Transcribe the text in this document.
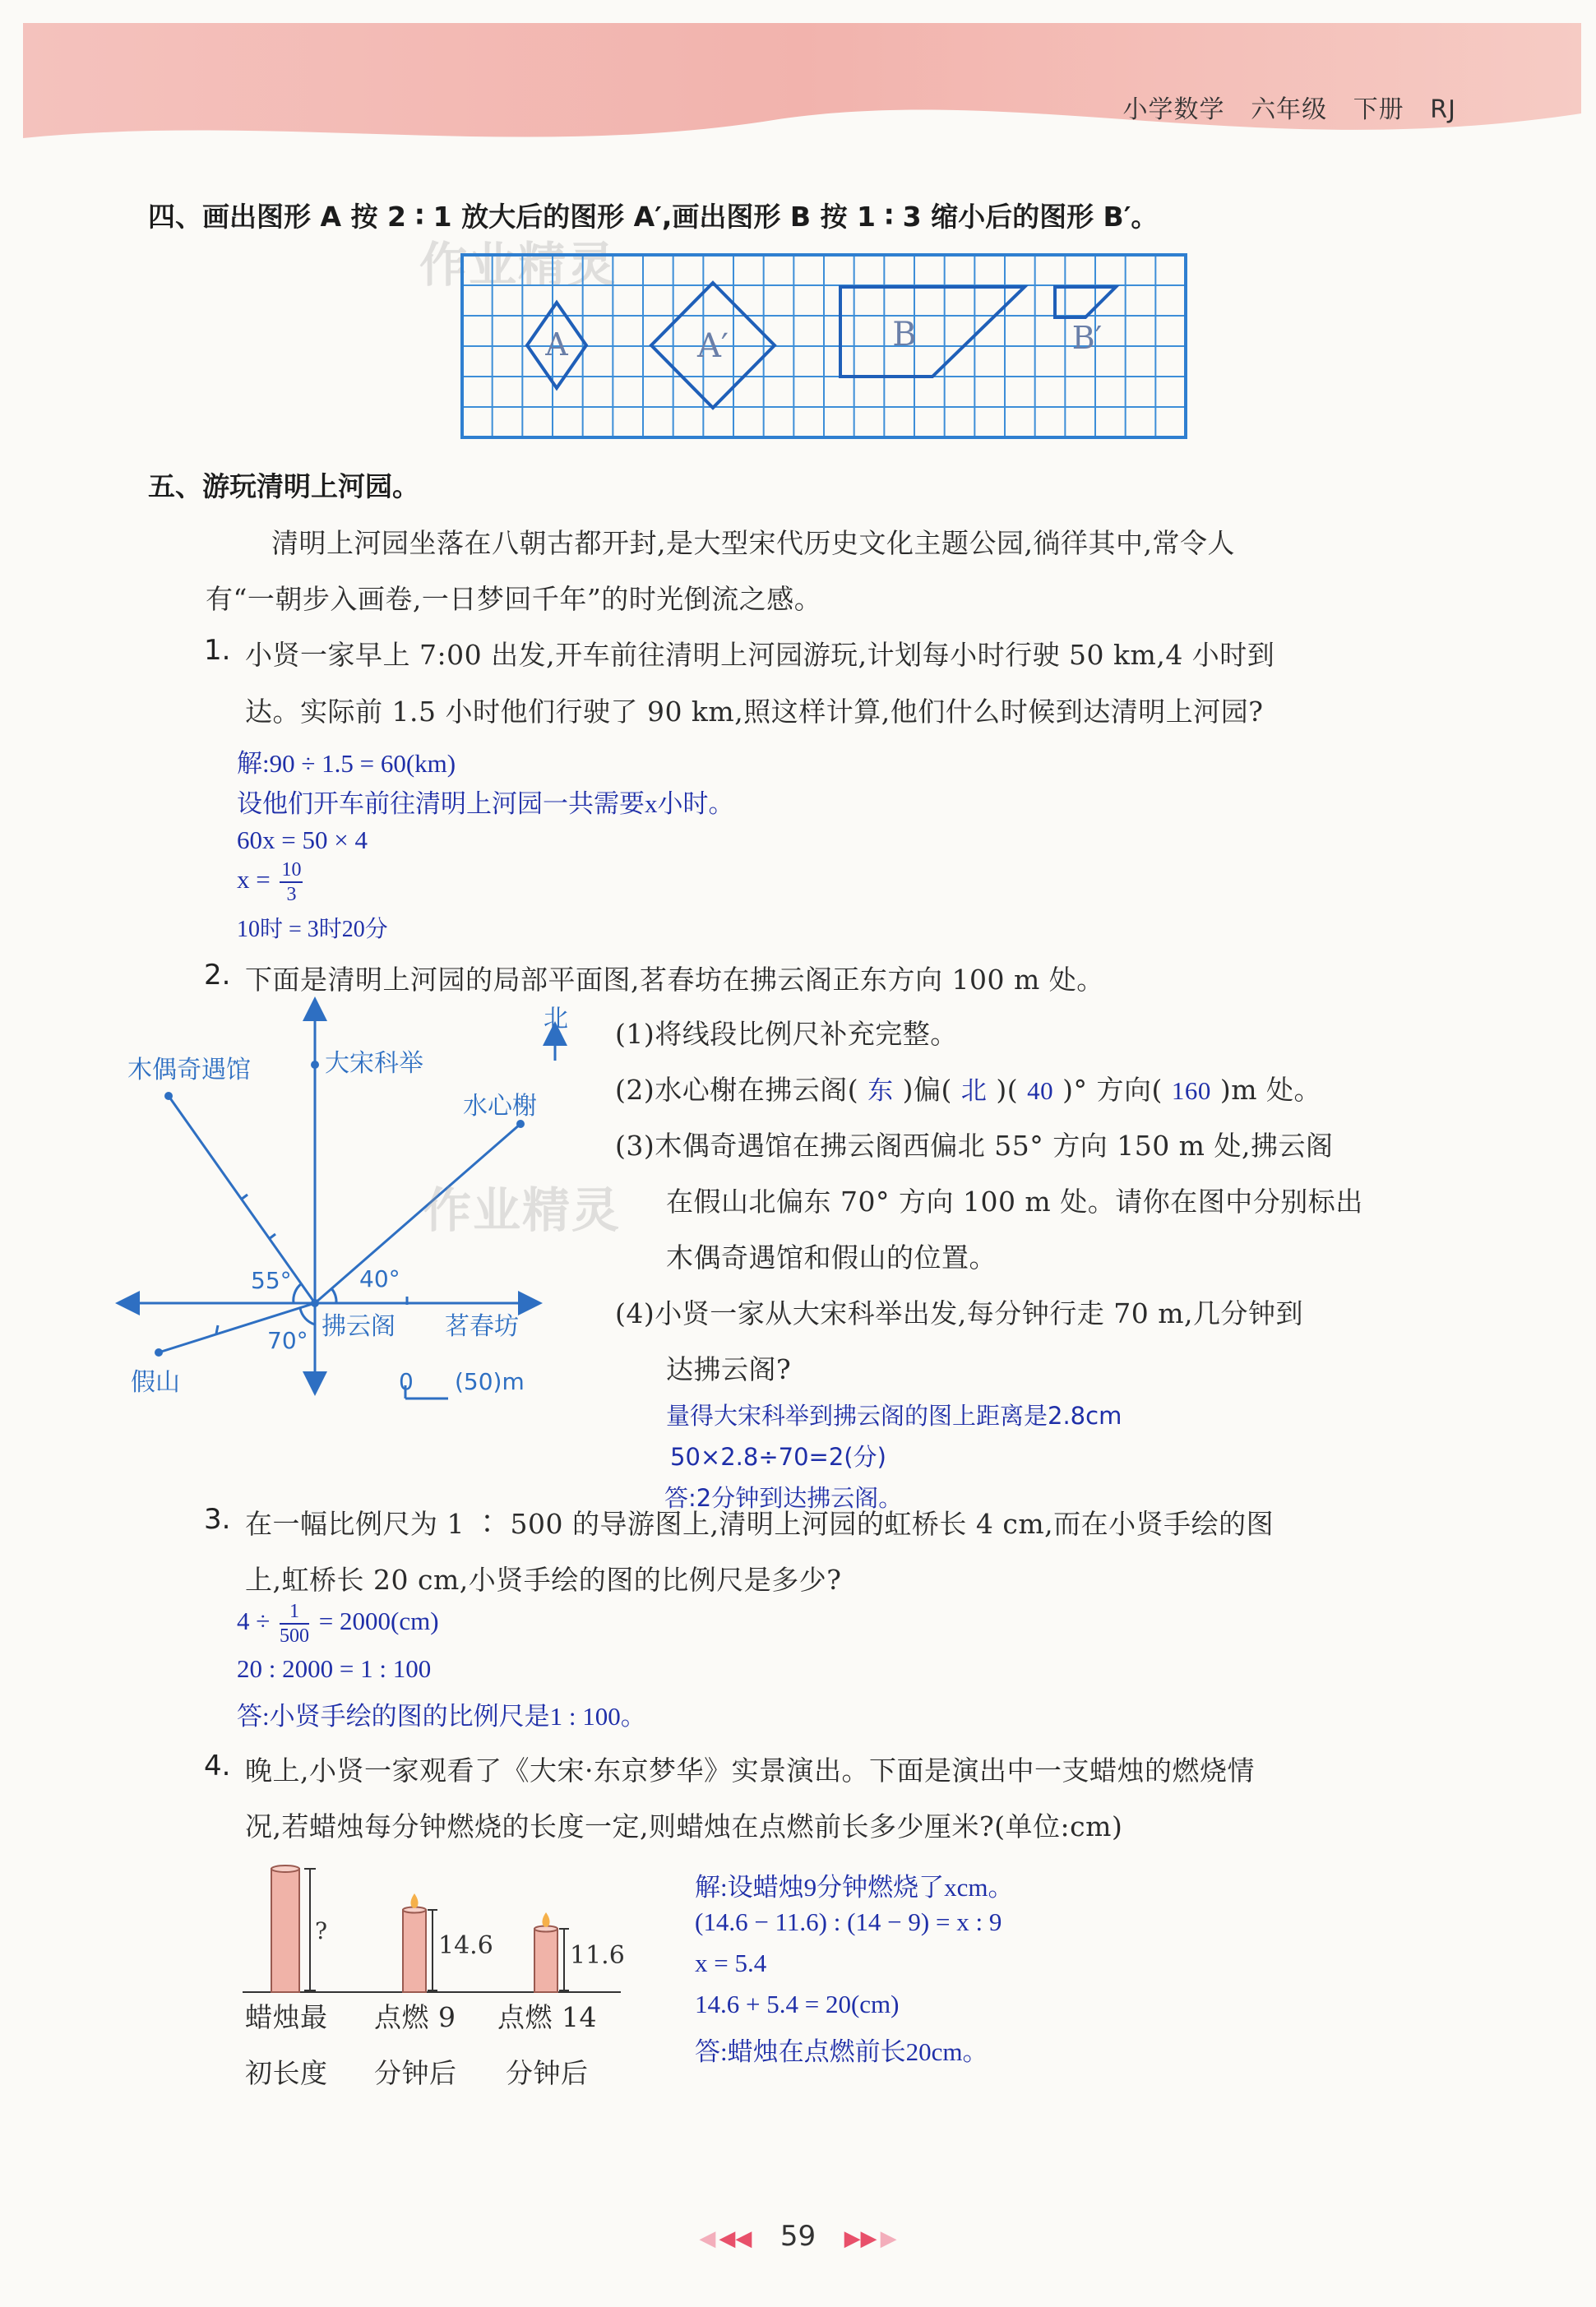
小学数学 六年级 下册 RJ
四、画出图形 A 按 2 ∶ 1 放大后的图形 A′,画出图形 B 按 1 ∶ 3 缩小后的图形 B′。
作业精灵
A	A′	B	B′
五、游玩清明上河园。
清明上河园坐落在八朝古都开封,是大型宋代历史文化主题公园,徜徉其中,常令人
有“一朝步入画卷,一日梦回千年”的时光倒流之感。
1. 小贤一家早上 7:00 出发,开车前往清明上河园游玩,计划每小时行驶 50 km,4 小时到
达。实际前 1.5 小时他们行驶了 90 km,照这样计算,他们什么时候到达清明上河园?
解:90 ÷ 1.5 = 60(km)
设他们开车前往清明上河园一共需要x小时。
60x = 50 × 4
$x = \frac{10}{3}$
10时 = 3时20分
2. 下面是清明上河园的局部平面图,茗春坊在拂云阁正东方向 100 m 处。
北
木偶奇遇馆	大宋科举
水心榭
拂云阁 茗春坊
假山
55°	40°
70°
0 (50)m
作业精灵
(1)将线段比例尺补充完整。
(2)水心榭在拂云阁( 东 )偏( 北 )( 40 )° 方向( 160 )m 处。
(3)木偶奇遇馆在拂云阁西偏北 55° 方向 150 m 处,拂云阁
在假山北偏东 70° 方向 100 m 处。请你在图中分别标出
木偶奇遇馆和假山的位置。
(4)小贤一家从大宋科举出发,每分钟行走 70 m,几分钟到
达拂云阁?
量得大宋科举到拂云阁的图上距离是2.8cm
50×2.8÷70=2(分)
答:2分钟到达拂云阁。
3. 在一幅比例尺为 1 ∶ 500 的导游图上,清明上河园的虹桥长 4 cm,而在小贤手绘的图
上,虹桥长 20 cm,小贤手绘的图的比例尺是多少?
$4 \div \frac{1}{500} = 2000(cm)$
20 : 2000 = 1 : 100
答:小贤手绘的图的比例尺是1 : 100。
4. 晚上,小贤一家观看了《大宋·东京梦华》实景演出。下面是演出中一支蜡烛的燃烧情
况,若蜡烛每分钟燃烧的长度一定,则蜡烛在点燃前长多少厘米?(单位:cm)
?
14.6	11.6
蜡烛最
初长度
点燃 9
分钟后
点燃 14
分钟后
解:设蜡烛9分钟燃烧了xcm。
(14.6 − 11.6) : (14 − 9) = x : 9
x = 5.4
14.6 + 5.4 = 20(cm)
答:蜡烛在点燃前长20cm。
◀ ◀◀ 59 ▶▶ ▶
